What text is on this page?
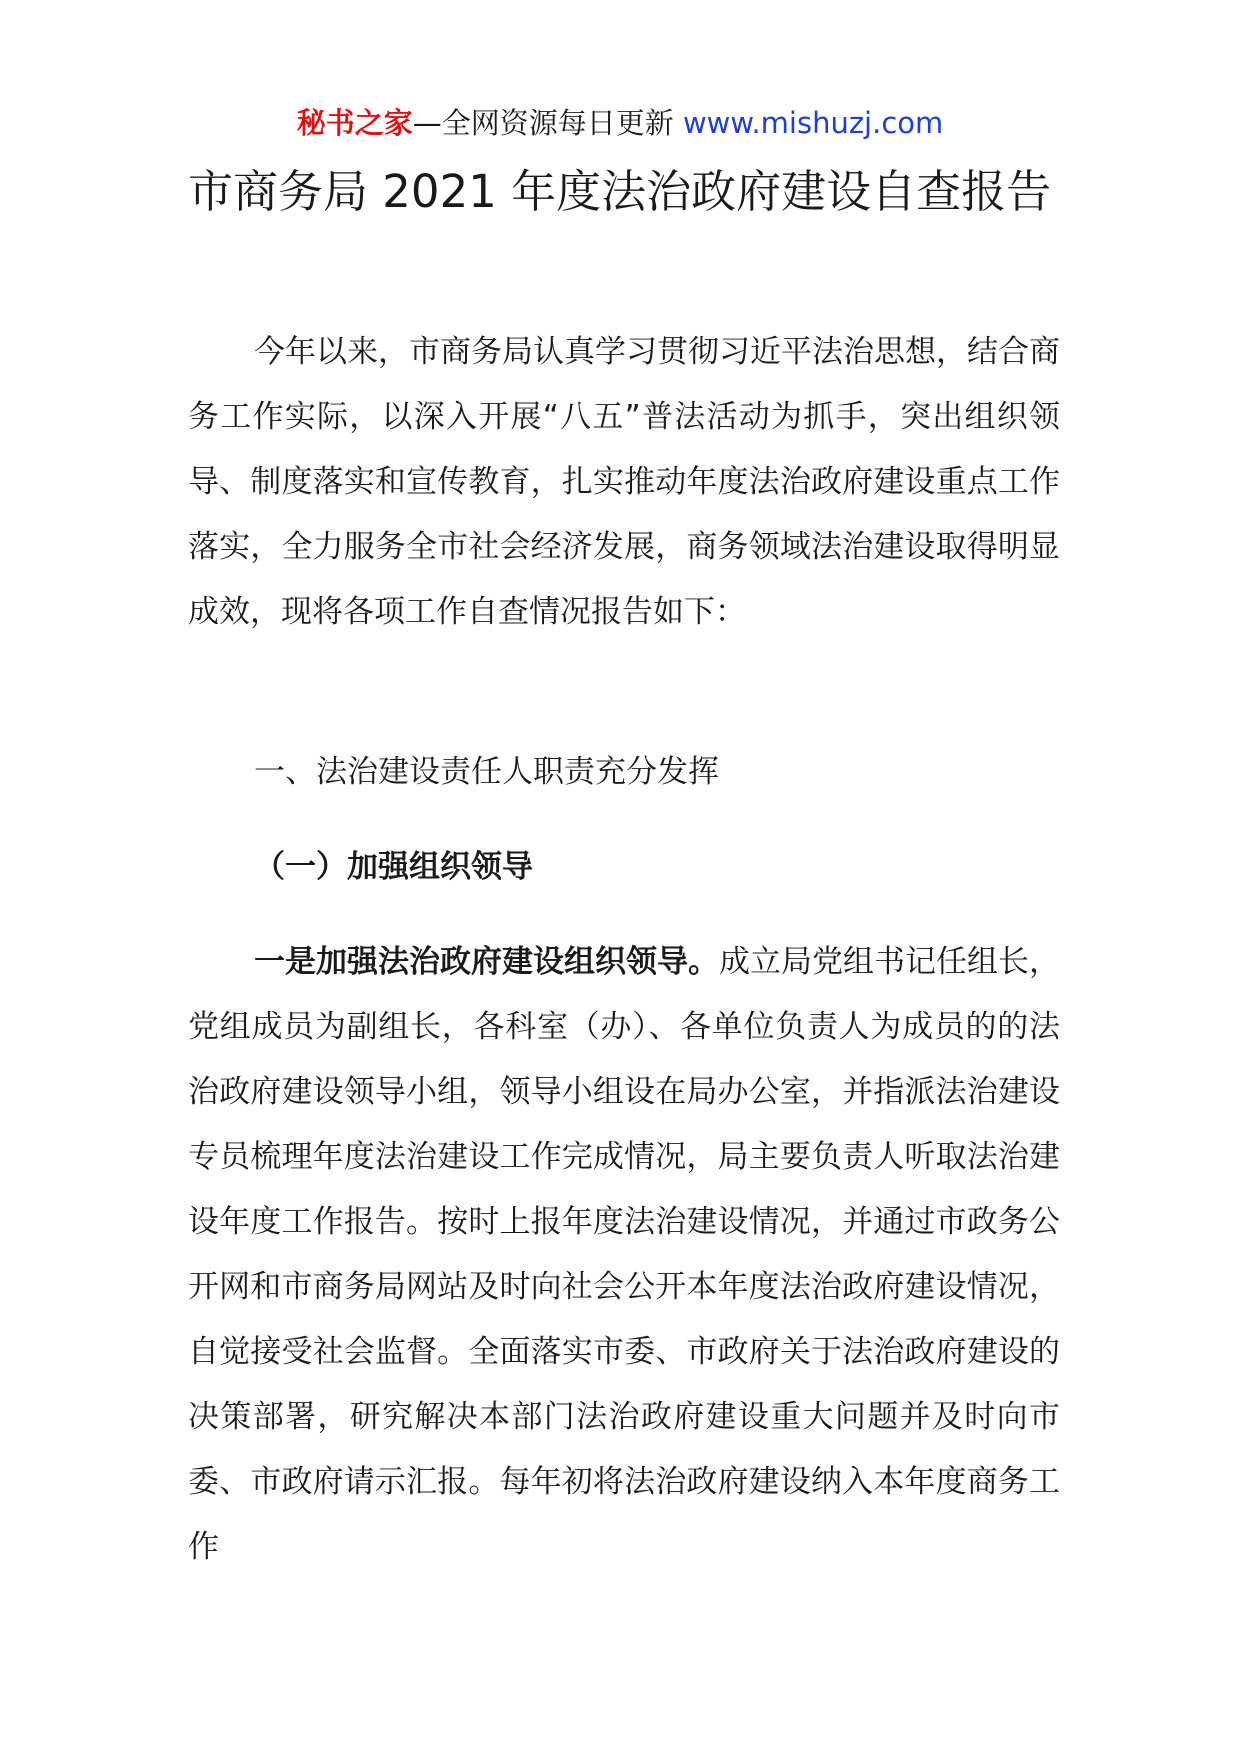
秘书之家—全网资源每日更新 www.mishuzj.com
市商务局 2021 年度法治政府建设自查报告

今年以来，市商务局认真学习贯彻习近平法治思想，结合商务工作实际，以深入开展“八五”普法活动为抓手，突出组织领导、制度落实和宣传教育，扎实推动年度法治政府建设重点工作落实，全力服务全市社会经济发展，商务领域法治建设取得明显成效，现将各项工作自查情况报告如下：

一、法治建设责任人职责充分发挥

（一）加强组织领导

一是加强法治政府建设组织领导。成立局党组书记任组长，党组成员为副组长，各科室（办）、各单位负责人为成员的的法治政府建设领导小组，领导小组设在局办公室，并指派法治建设专员梳理年度法治建设工作完成情况，局主要负责人听取法治建设年度工作报告。按时上报年度法治建设情况，并通过市政务公开网和市商务局网站及时向社会公开本年度法治政府建设情况，自觉接受社会监督。全面落实市委、市政府关于法治政府建设的决策部署，研究解决本部门法治政府建设重大问题并及时向市委、市政府请示汇报。每年初将法治政府建设纳入本年度商务工作
